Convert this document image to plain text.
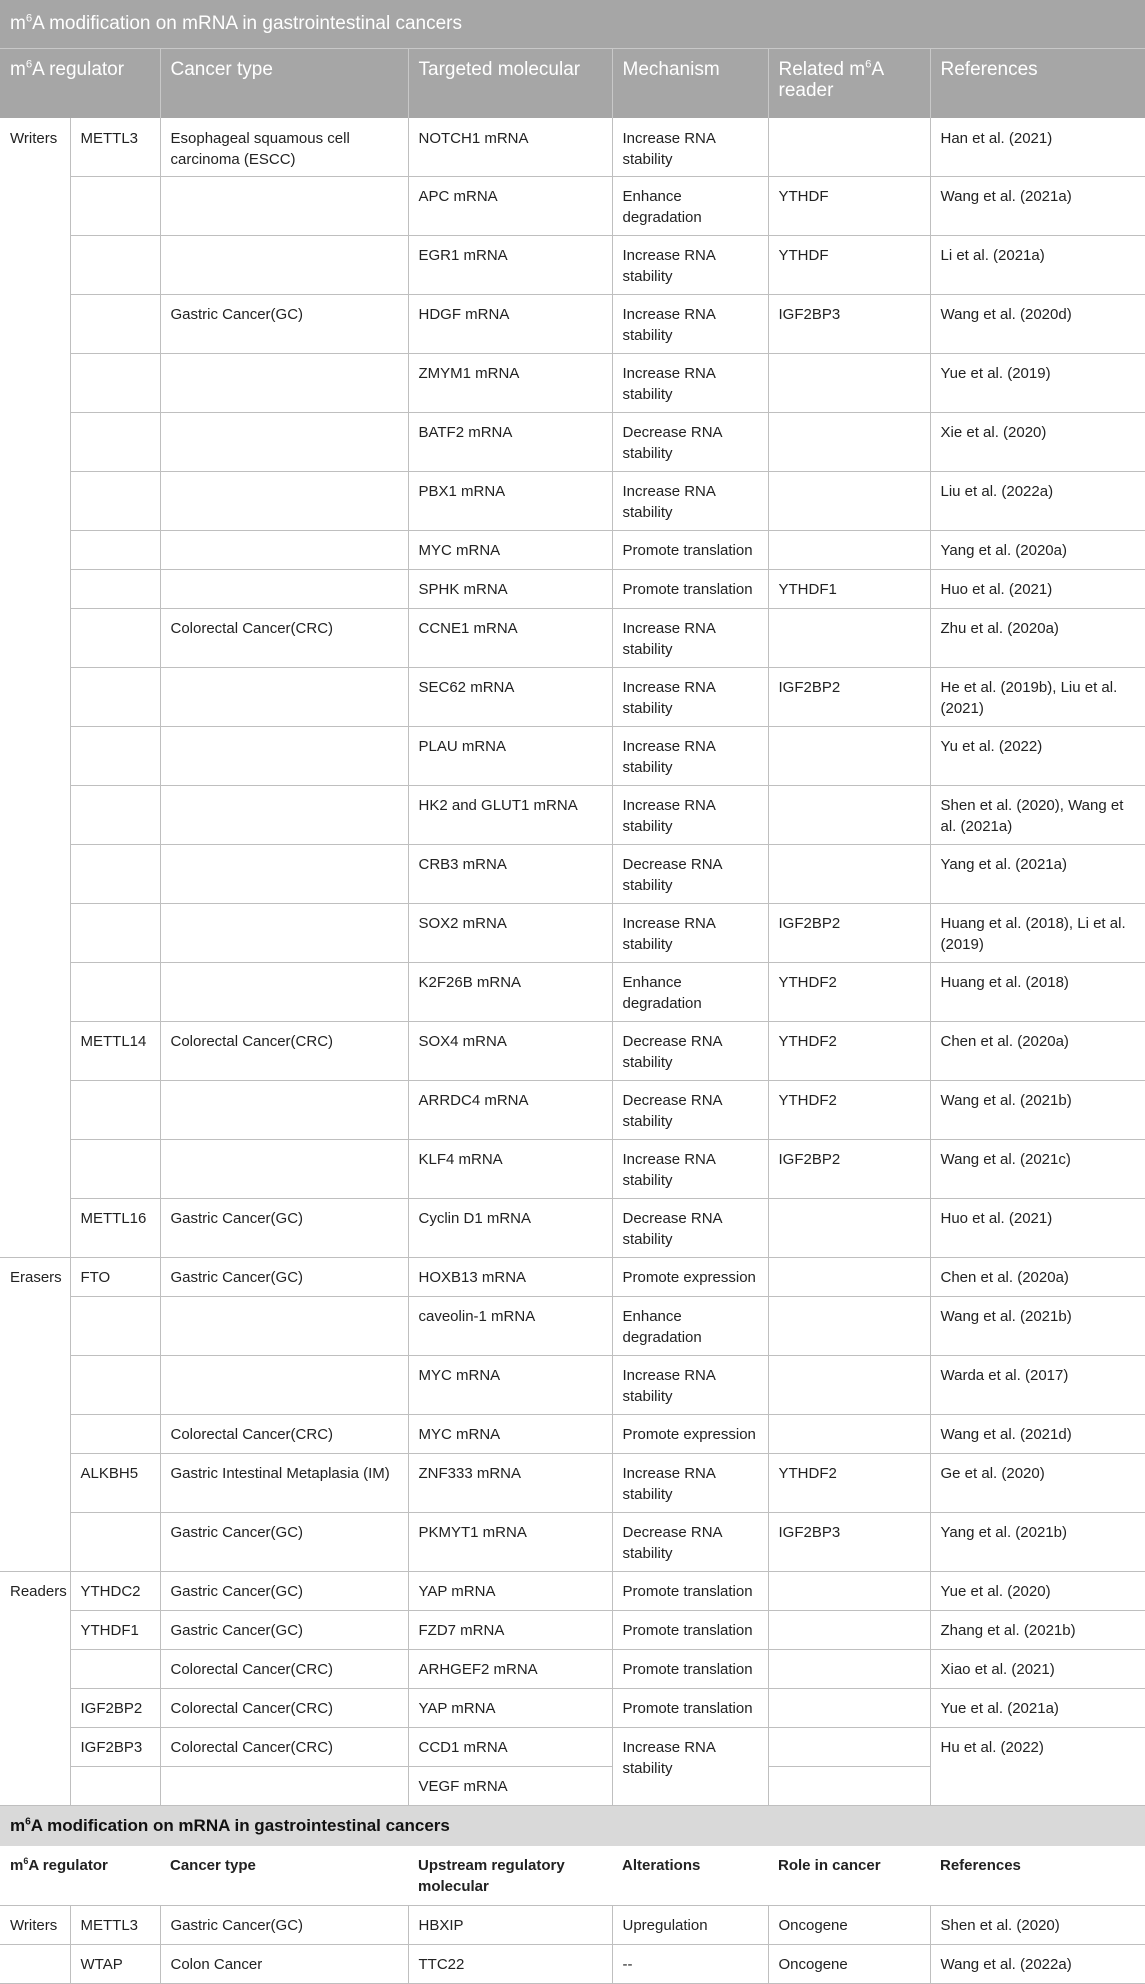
$m^6A$ modification on mRNA in gastrointestinal cancers						
$m^6A$ regulator		Cancer type	Targeted molecular	Mechanism	Related $m^6A$ reader	References
Writers	METTL3	Esophageal squamous cell carcinoma (ESCC)	NOTCH1 mRNA	Increase RNA stability		Han et al. (2021)
			APC mRNA	Enhance degradation	YTHDF	Wang et al. (2021a)
			EGR1 mRNA	Increase RNA stability	YTHDF	Li et al. (2021a)
		Gastric Cancer(GC)	HDGF mRNA	Increase RNA stability	IGF2BP3	Wang et al. (2020d)
			ZMYM1 mRNA	Increase RNA stability		Yue et al. (2019)
			BATF2 mRNA	Decrease RNA stability		Xie et al. (2020)
			PBX1 mRNA	Increase RNA stability		Liu et al. (2022a)
			MYC mRNA	Promote translation		Yang et al. (2020a)
			SPHK mRNA	Promote translation	YTHDF1	Huo et al. (2021)
		Colorectal Cancer(CRC)	CCNE1 mRNA	Increase RNA stability		Zhu et al. (2020a)
			SEC62 mRNA	Increase RNA stability	IGF2BP2	He et al. (2019b), Liu et al. (2021)
			PLAU mRNA	Increase RNA stability		Yu et al. (2022)
			HK2 and GLUT1 mRNA	Increase RNA stability		Shen et al. (2020), Wang et al. (2021a)
			CRB3 mRNA	Decrease RNA stability		Yang et al. (2021a)
			SOX2 mRNA	Increase RNA stability	IGF2BP2	Huang et al. (2018), Li et al. (2019)
			K2F26B mRNA	Enhance degradation	YTHDF2	Huang et al. (2018)
	METTL14	Colorectal Cancer(CRC)	SOX4 mRNA	Decrease RNA stability	YTHDF2	Chen et al. (2020a)
			ARRDC4 mRNA	Decrease RNA stability	YTHDF2	Wang et al. (2021b)
			KLF4 mRNA	Increase RNA stability	IGF2BP2	Wang et al. (2021c)
	METTL16	Gastric Cancer(GC)	Cyclin D1 mRNA	Decrease RNA stability		Huo et al. (2021)
Erasers	FTO	Gastric Cancer(GC)	HOXB13 mRNA	Promote expression		Chen et al. (2020a)
			caveolin-1 mRNA	Enhance degradation		Wang et al. (2021b)
			MYC mRNA	Increase RNA stability		Warda et al. (2017)
		Colorectal Cancer(CRC)	MYC mRNA	Promote expression		Wang et al. (2021d)
	ALKBH5	Gastric Intestinal Metaplasia (IM)	ZNF333 mRNA	Increase RNA stability	YTHDF2	Ge et al. (2020)
		Gastric Cancer(GC)	PKMYT1 mRNA	Decrease RNA stability	IGF2BP3	Yang et al. (2021b)
Readers	YTHDC2	Gastric Cancer(GC)	YAP mRNA	Promote translation		Yue et al. (2020)
	YTHDF1	Gastric Cancer(GC)	FZD7 mRNA	Promote translation		Zhang et al. (2021b)
		Colorectal Cancer(CRC)	ARHGEF2 mRNA	Promote translation		Xiao et al. (2021)
	IGF2BP2	Colorectal Cancer(CRC)	YAP mRNA	Promote translation		Yue et al. (2021a)
	IGF2BP3	Colorectal Cancer(CRC)	CCD1 mRNA	Increase RNA stability		Hu et al. (2022)
			VEGF mRNA			
$m^6A$ modification on mRNA in gastrointestinal cancers						
$m^6A$ regulator		Cancer type	Upstream regulatory molecular	Alterations	Role in cancer	References
Writers	METTL3	Gastric Cancer(GC)	HBXIP	Upregulation	Oncogene	Shen et al. (2020)
	WTAP	Colon Cancer	TTC22	--	Oncogene	Wang et al. (2022a)
